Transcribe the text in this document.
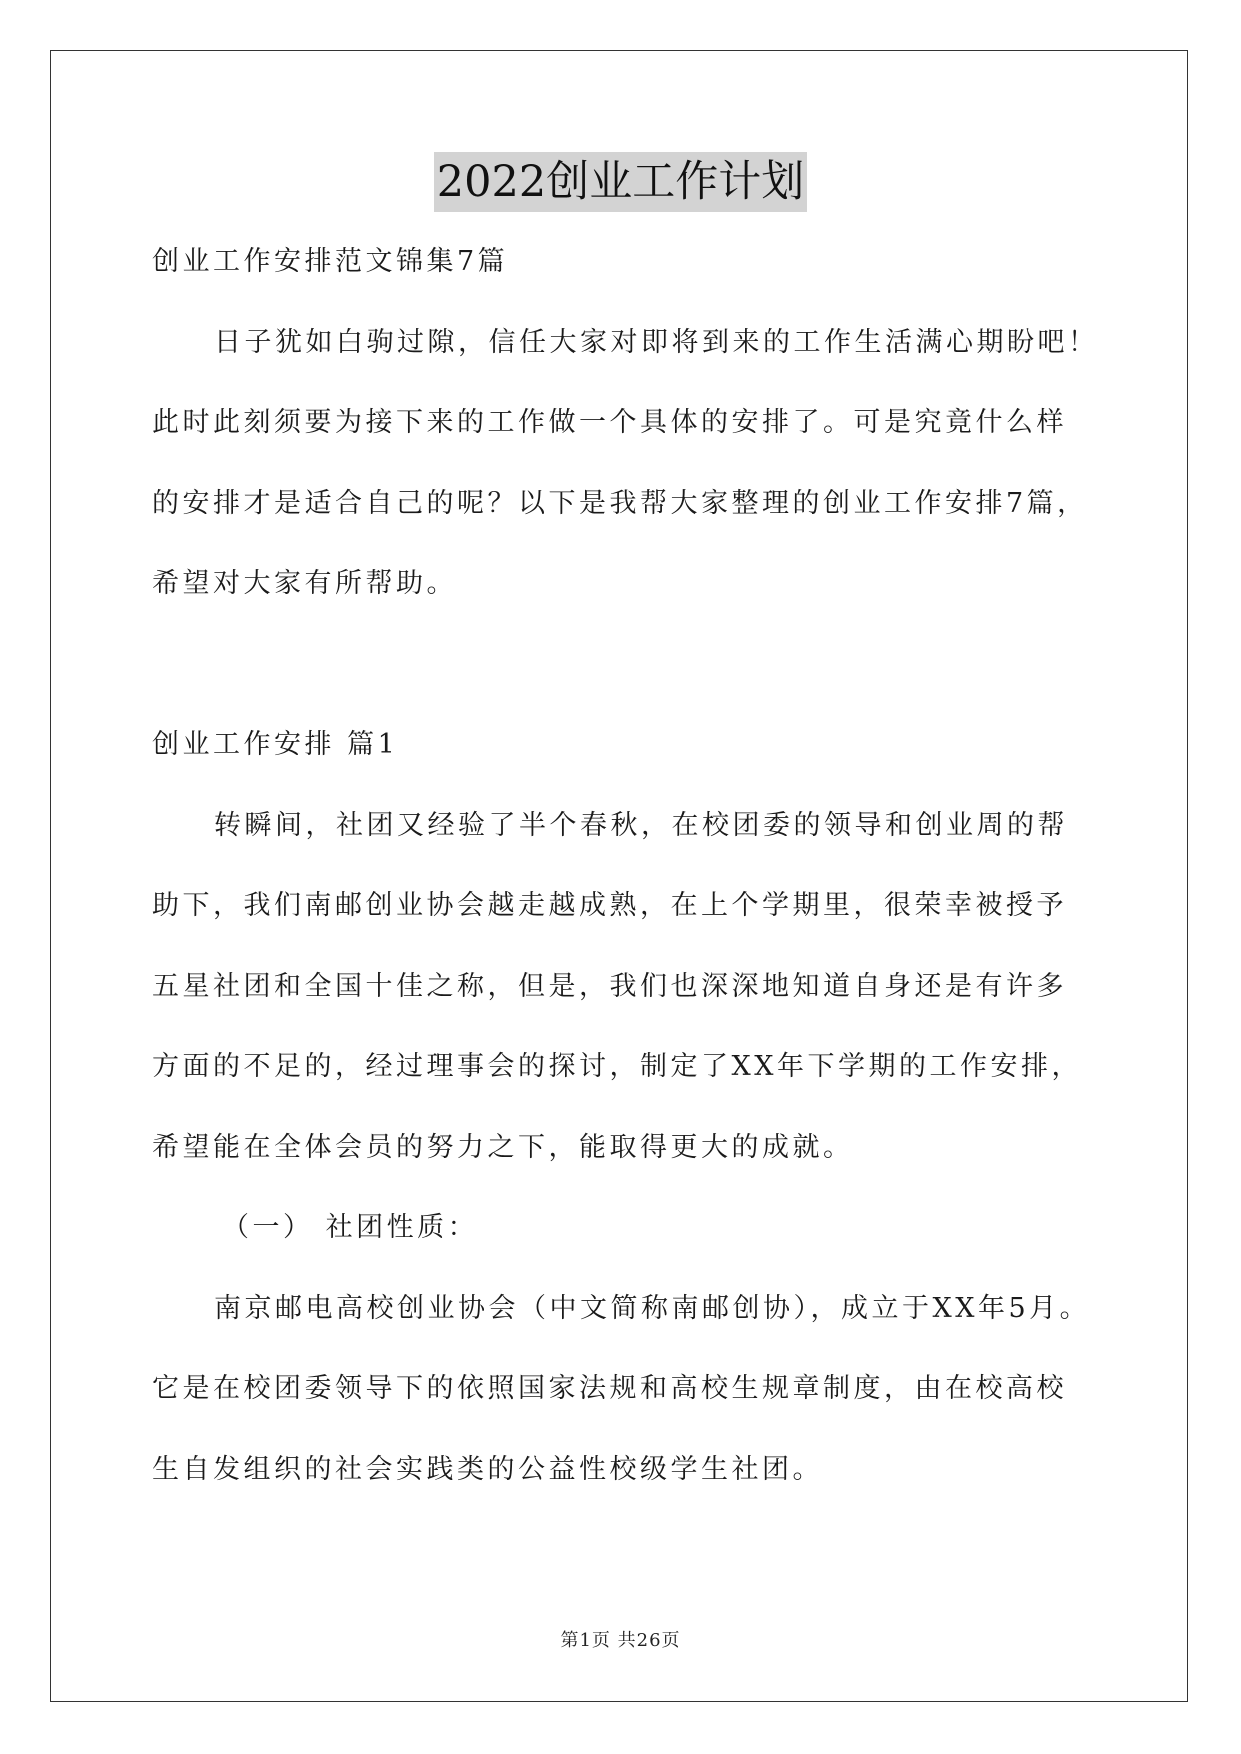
2022创业工作计划
创业工作安排范文锦集7篇
日子犹如白驹过隙，信任大家对即将到来的工作生活满心期盼吧！
此时此刻须要为接下来的工作做一个具体的安排了。可是究竟什么样
的安排才是适合自己的呢？以下是我帮大家整理的创业工作安排7篇，
希望对大家有所帮助。
创业工作安排 篇1
转瞬间，社团又经验了半个春秋，在校团委的领导和创业周的帮
助下，我们南邮创业协会越走越成熟，在上个学期里，很荣幸被授予
五星社团和全国十佳之称，但是，我们也深深地知道自身还是有许多
方面的不足的，经过理事会的探讨，制定了XX年下学期的工作安排，
希望能在全体会员的努力之下，能取得更大的成就。
（一） 社团性质：
南京邮电高校创业协会（中文简称南邮创协），成立于XX年5月。
它是在校团委领导下的依照国家法规和高校生规章制度，由在校高校
生自发组织的社会实践类的公益性校级学生社团。
第1页 共26页
